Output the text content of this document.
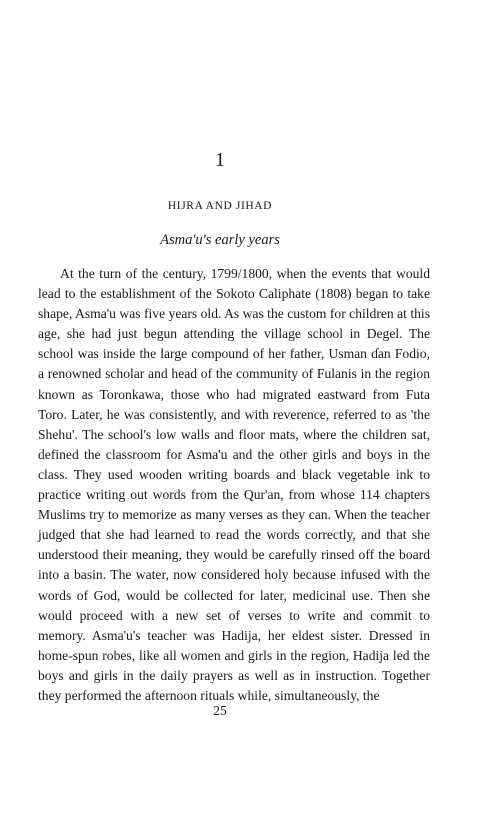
1
HIJRA AND JIHAD
Asma'u's early years

At the turn of the century, 1799/1800, when the events that would lead to the establishment of the Sokoto Caliphate (1808) began to take shape, Asma'u was five years old. As was the custom for children at this age, she had just begun attending the village school in Degel. The school was inside the large compound of her father, Usman ɗan Fodio, a renowned scholar and head of the community of Fulanis in the region known as Toronkawa, those who had migrated eastward from Futa Toro. Later, he was consistently, and with reverence, referred to as 'the Shehu'. The school's low walls and floor mats, where the children sat, defined the classroom for Asma'u and the other girls and boys in the class. They used wooden writing boards and black vegetable ink to practice writing out words from the Qur'an, from whose 114 chapters Muslims try to memorize as many verses as they can. When the teacher judged that she had learned to read the words correctly, and that she understood their meaning, they would be carefully rinsed off the board into a basin. The water, now considered holy because infused with the words of God, would be collected for later, medicinal use. Then she would proceed with a new set of verses to write and commit to memory. Asma'u's teacher was Hadija, her eldest sister. Dressed in home-spun robes, like all women and girls in the region, Hadija led the boys and girls in the daily prayers as well as in instruction. Together they performed the afternoon rituals while, simultaneously, the

25
